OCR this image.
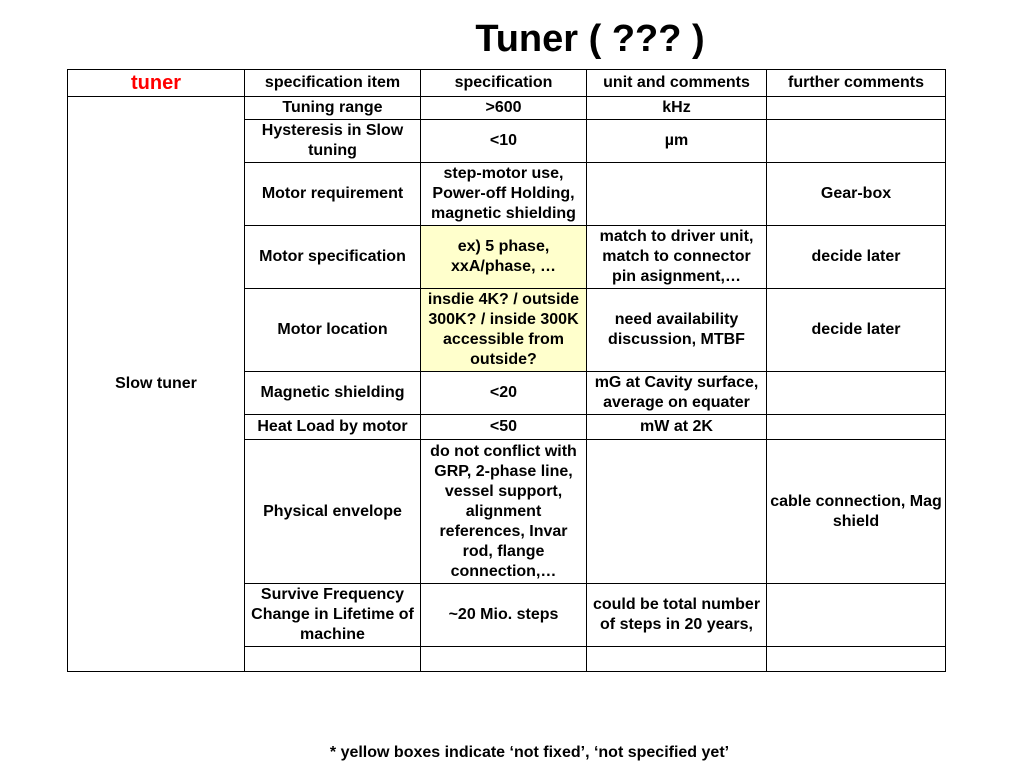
Tuner ( ??? )
tuner	specification item	specification	unit and comments	further comments
Slow tuner	Tuning range	>600	kHz	
	Hysteresis in Slow tuning	<10	µm	
	Motor requirement	step-motor use, Power-off Holding, magnetic shielding		Gear-box
	Motor specification	ex) 5 phase, xxA/phase, …	match to driver unit, match to connector pin asignment,…	decide later
	Motor location	insdie 4K? / outside 300K? / inside 300K accessible from outside?	need availability discussion, MTBF	decide later
	Magnetic shielding	<20	mG at Cavity surface, average on equater	
	Heat Load by motor	<50	mW at 2K	
	Physical envelope	do not conflict with GRP, 2-phase line, vessel support, alignment references, Invar rod, flange connection,…		cable connection, Mag shield
	Survive Frequency Change in Lifetime of machine	~20 Mio. steps	could be total number of steps in 20 years,	

* yellow boxes indicate ‘not fixed’, ‘not specified yet’
